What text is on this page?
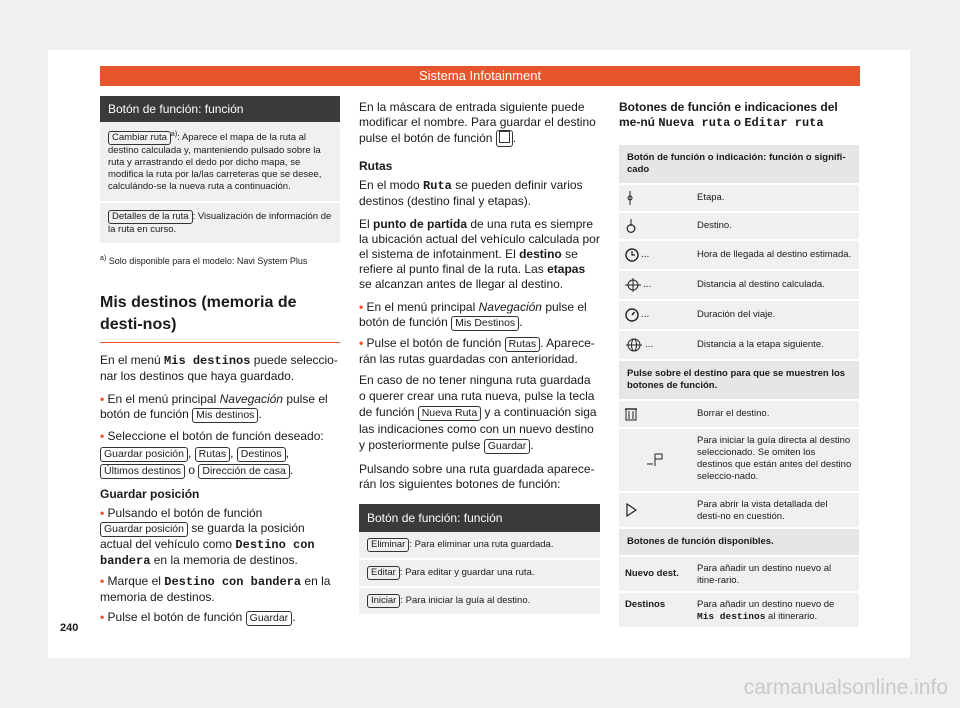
Sistema Infotainment
Botón de función: función
Cambiar ruta $^{a)}$: Aparece el mapa de la ruta al destino calculada y, manteniendo pulsado sobre la ruta y arrastrando el dedo por dicho mapa, se modifica la ruta por la/las carreteras que se desee, calculándo-se la nueva ruta a continuación.
Detalles de la ruta : Visualización de información de la ruta en curso.
$^{a)}$ Solo disponible para el modelo: Navi System Plus
Mis destinos (memoria de desti-nos)

En el menú Mis destinos puede seleccio-nar los destinos que haya guardado.

• En el menú principal Navegación pulse el botón de función Mis destinos .

• Seleccione el botón de función deseado: Guardar posición , Rutas , Destinos , Últimos destinos o Dirección de casa .

Guardar posición

• Pulsando el botón de función Guardar posición se guarda la posición actual del vehículo como Destino con bandera en la memoria de destinos.

• Marque el Destino con bandera en la memoria de destinos.

• Pulse el botón de función Guardar .

En la máscara de entrada siguiente puede modificar el nombre. Para guardar el destino pulse el botón de función .

Rutas

En el modo Ruta se pueden definir varios destinos (destino final y etapas).

El punto de partida de una ruta es siempre la ubicación actual del vehículo calculada por el sistema de infotainment. El destino se refiere al punto final de la ruta. Las etapas se alcanzan antes de llegar al destino.

• En el menú principal Navegación pulse el botón de función Mis Destinos .

• Pulse el botón de función Rutas . Aparece-rán las rutas guardadas con anterioridad.

En caso de no tener ninguna ruta guardada o querer crear una ruta nueva, pulse la tecla de función Nueva Ruta y a continuación siga las indicaciones como con un nuevo destino y posteriormente pulse Guardar .

Pulsando sobre una ruta guardada aparece-rán los siguientes botones de función:

Botón de función: función
Eliminar : Para eliminar una ruta guardada.
Editar : Para editar y guardar una ruta.
Iniciar : Para iniciar la guía al destino.
Botones de función e indicaciones del me-nú Nueva ruta o Editar ruta
Botón de función o indicación: función o signifi-cado
Etapa.
Destino.
...	Hora de llegada al destino estimada.
...	Distancia al destino calculada.
...	Duración del viaje.
...	Distancia a la etapa siguiente.
Pulse sobre el destino para que se muestren los botones de función.
Borrar el destino.
Para iniciar la guía directa al destino seleccionado. Se omiten los destinos que están antes del destino seleccio-nado.
Para abrir la vista detallada del desti-no en cuestión.
Botones de función disponibles.
Nuevo dest.	Para añadir un destino nuevo al itine-rario.
Destinos	Para añadir un destino nuevo de Mis destinos al itinerario.
240
carmanualsonline.info
